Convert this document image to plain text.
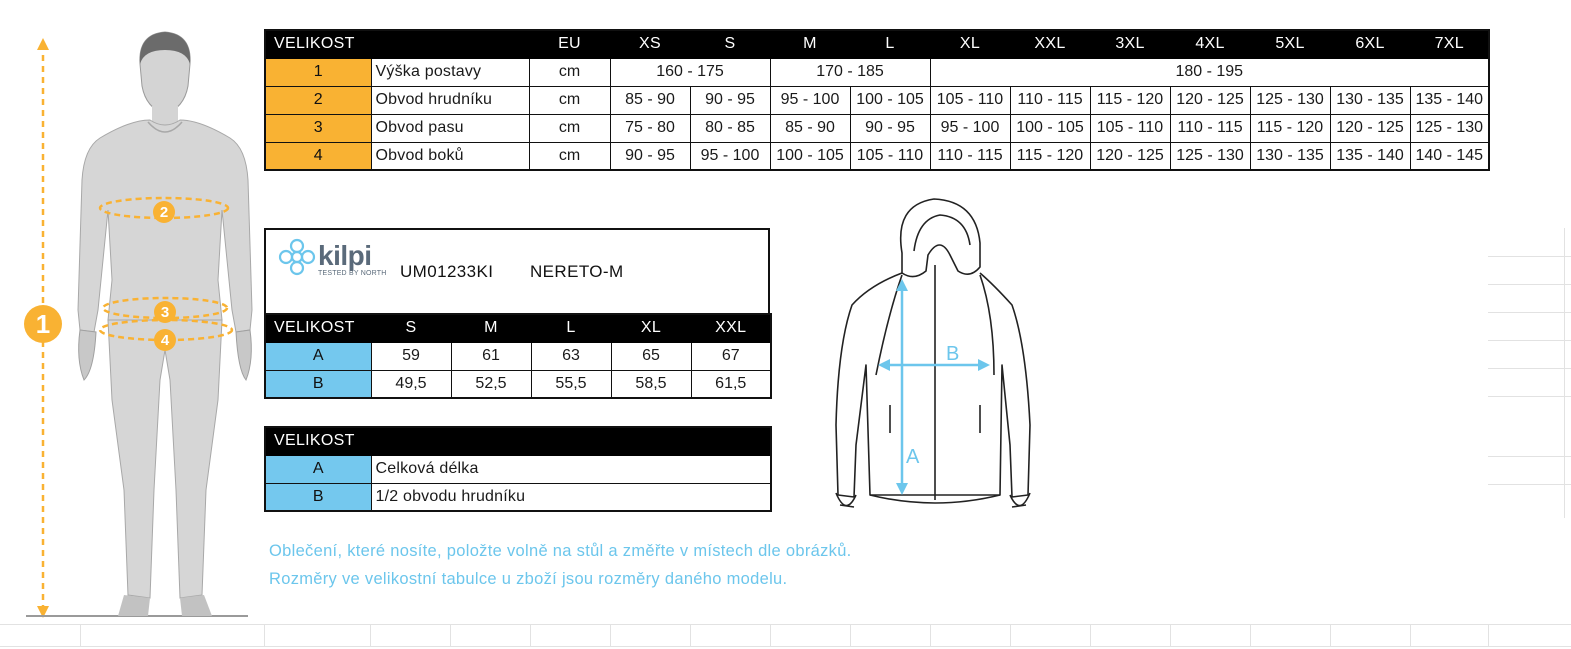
1
2
3
4
VELIKOST		EU	XS	S	M	L	XL	XXL	3XL	4XL	5XL	6XL	7XL
1	Výška postavy	cm	160 - 175		170 - 185		180 - 195						
2	Obvod hrudníku	cm	85 - 90	90 - 95	95 - 100	100 - 105	105 - 110	110 - 115	115 - 120	120 - 125	125 - 130	130 - 135	135 - 140
3	Obvod pasu	cm	75 - 80	80 - 85	85 - 90	90 - 95	95 - 100	100 - 105	105 - 110	110 - 115	115 - 120	120 - 125	125 - 130
4	Obvod boků	cm	90 - 95	95 - 100	100 - 105	105 - 110	110 - 115	115 - 120	120 - 125	125 - 130	130 - 135	135 - 140	140 - 145
kilpi
TESTED BY NORTH UM01233KI NERETO-M
VELIKOST	S	M	L	XL	XXL
A	59	61	63	65	67
B	49,5	52,5	55,5	58,5	61,5
VELIKOST	
A	Celková délka
B	1/2 obvodu hrudníku
A
B
Oblečení, které nosíte, položte volně na stůl a změřte v místech dle obrázků.
Rozměry ve velikostní tabulce u zboží jsou rozměry daného modelu.
